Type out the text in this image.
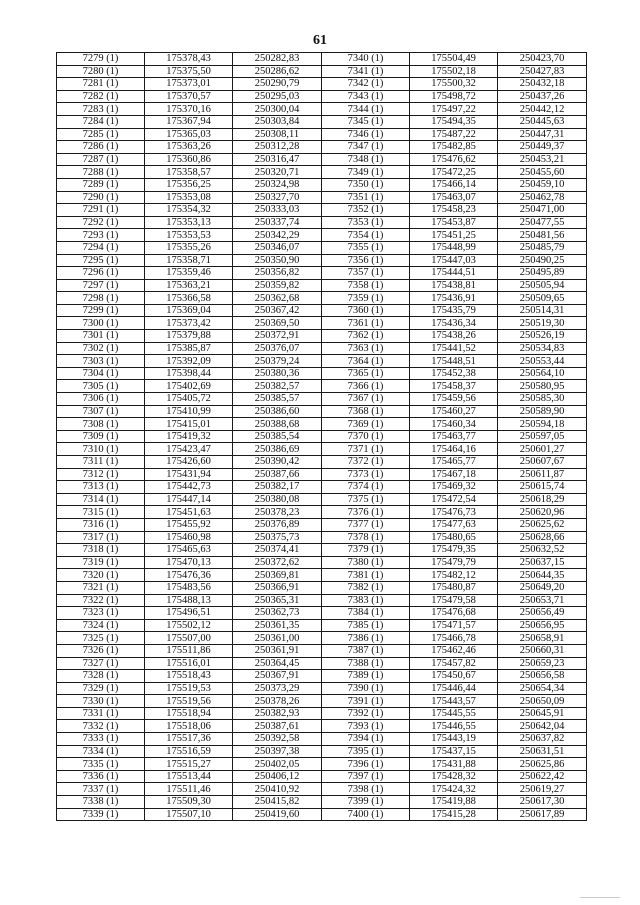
61
7279 (1)	175378,43	250282,83	7340 (1)	175504,49	250423,70
7280 (1)	175375,50	250286,62	7341 (1)	175502,18	250427,83
7281 (1)	175373,01	250290,79	7342 (1)	175500,32	250432,18
7282 (1)	175370,57	250295,03	7343 (1)	175498,72	250437,26
7283 (1)	175370,16	250300,04	7344 (1)	175497,22	250442,12
7284 (1)	175367,94	250303,84	7345 (1)	175494,35	250445,63
7285 (1)	175365,03	250308,11	7346 (1)	175487,22	250447,31
7286 (1)	175363,26	250312,28	7347 (1)	175482,85	250449,37
7287 (1)	175360,86	250316,47	7348 (1)	175476,62	250453,21
7288 (1)	175358,57	250320,71	7349 (1)	175472,25	250455,60
7289 (1)	175356,25	250324,98	7350 (1)	175466,14	250459,10
7290 (1)	175353,08	250327,70	7351 (1)	175463,07	250462,78
7291 (1)	175354,32	250333,03	7352 (1)	175458,23	250471,00
7292 (1)	175353,13	250337,74	7353 (1)	175453,87	250477,55
7293 (1)	175353,53	250342,29	7354 (1)	175451,25	250481,56
7294 (1)	175355,26	250346,07	7355 (1)	175448,99	250485,79
7295 (1)	175358,71	250350,90	7356 (1)	175447,03	250490,25
7296 (1)	175359,46	250356,82	7357 (1)	175444,51	250495,89
7297 (1)	175363,21	250359,82	7358 (1)	175438,81	250505,94
7298 (1)	175366,58	250362,68	7359 (1)	175436,91	250509,65
7299 (1)	175369,04	250367,42	7360 (1)	175435,79	250514,31
7300 (1)	175373,42	250369,50	7361 (1)	175436,34	250519,30
7301 (1)	175379,88	250372,91	7362 (1)	175438,26	250526,19
7302 (1)	175385,87	250376,07	7363 (1)	175441,52	250534,83
7303 (1)	175392,09	250379,24	7364 (1)	175448,51	250553,44
7304 (1)	175398,44	250380,36	7365 (1)	175452,38	250564,10
7305 (1)	175402,69	250382,57	7366 (1)	175458,37	250580,95
7306 (1)	175405,72	250385,57	7367 (1)	175459,56	250585,30
7307 (1)	175410,99	250386,60	7368 (1)	175460,27	250589,90
7308 (1)	175415,01	250388,68	7369 (1)	175460,34	250594,18
7309 (1)	175419,32	250385,54	7370 (1)	175463,77	250597,05
7310 (1)	175423,47	250386,69	7371 (1)	175464,16	250601,27
7311 (1)	175426,60	250390,42	7372 (1)	175465,77	250607,67
7312 (1)	175431,94	250387,66	7373 (1)	175467,18	250611,87
7313 (1)	175442,73	250382,17	7374 (1)	175469,32	250615,74
7314 (1)	175447,14	250380,08	7375 (1)	175472,54	250618,29
7315 (1)	175451,63	250378,23	7376 (1)	175476,73	250620,96
7316 (1)	175455,92	250376,89	7377 (1)	175477,63	250625,62
7317 (1)	175460,98	250375,73	7378 (1)	175480,65	250628,66
7318 (1)	175465,63	250374,41	7379 (1)	175479,35	250632,52
7319 (1)	175470,13	250372,62	7380 (1)	175479,79	250637,15
7320 (1)	175476,36	250369,81	7381 (1)	175482,12	250644,35
7321 (1)	175483,56	250366,91	7382 (1)	175480,87	250649,20
7322 (1)	175488,13	250365,31	7383 (1)	175479,58	250653,71
7323 (1)	175496,51	250362,73	7384 (1)	175476,68	250656,49
7324 (1)	175502,12	250361,35	7385 (1)	175471,57	250656,95
7325 (1)	175507,00	250361,00	7386 (1)	175466,78	250658,91
7326 (1)	175511,86	250361,91	7387 (1)	175462,46	250660,31
7327 (1)	175516,01	250364,45	7388 (1)	175457,82	250659,23
7328 (1)	175518,43	250367,91	7389 (1)	175450,67	250656,58
7329 (1)	175519,53	250373,29	7390 (1)	175446,44	250654,34
7330 (1)	175519,56	250378,26	7391 (1)	175443,57	250650,09
7331 (1)	175518,94	250382,93	7392 (1)	175445,55	250645,91
7332 (1)	175518,06	250387,61	7393 (1)	175446,55	250642,04
7333 (1)	175517,36	250392,58	7394 (1)	175443,19	250637,82
7334 (1)	175516,59	250397,38	7395 (1)	175437,15	250631,51
7335 (1)	175515,27	250402,05	7396 (1)	175431,88	250625,86
7336 (1)	175513,44	250406,12	7397 (1)	175428,32	250622,42
7337 (1)	175511,46	250410,92	7398 (1)	175424,32	250619,27
7338 (1)	175509,30	250415,82	7399 (1)	175419,88	250617,30
7339 (1)	175507,10	250419,60	7400 (1)	175415,28	250617,89
